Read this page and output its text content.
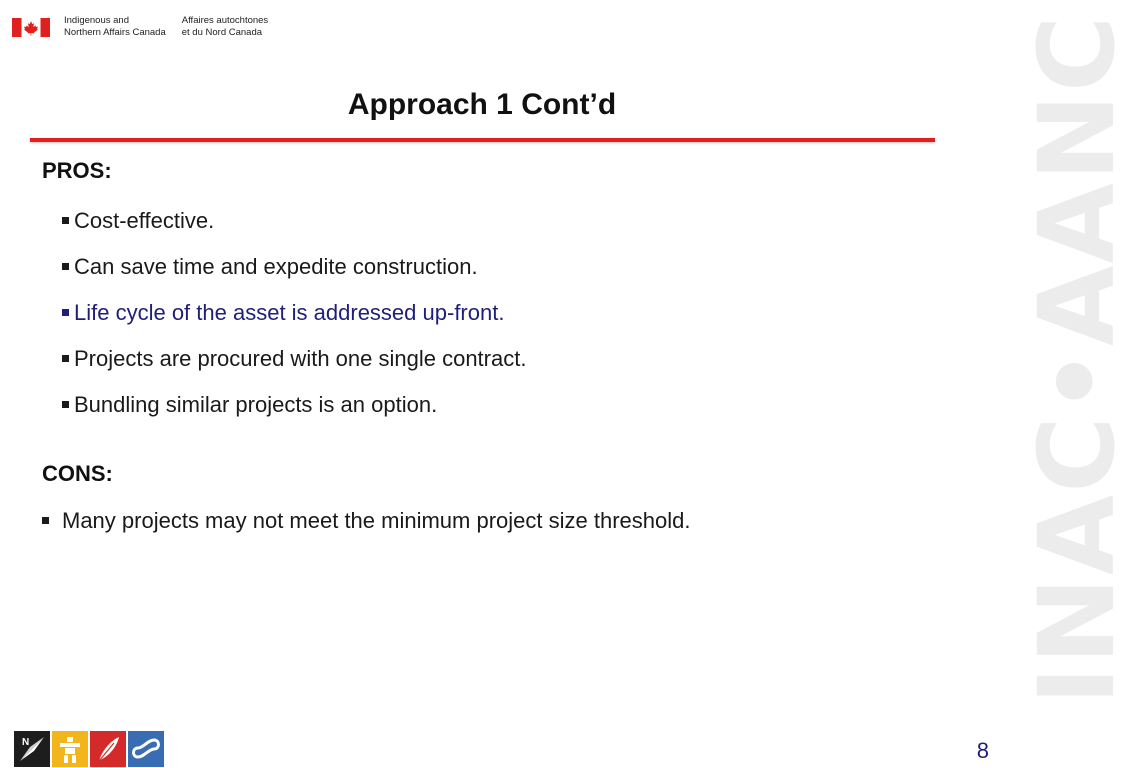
Indigenous and
Northern Affairs Canada
Affaires autochtones
et du Nord Canada	INAC•AANC
Approach 1 Cont’d
PROS:
Cost-effective.
Can save time and expedite construction.
Life cycle of the asset is addressed up-front.
Projects are procured with one single contract.
Bundling similar projects is an option.
CONS:
Many projects may not meet the minimum project size threshold.
N	8
